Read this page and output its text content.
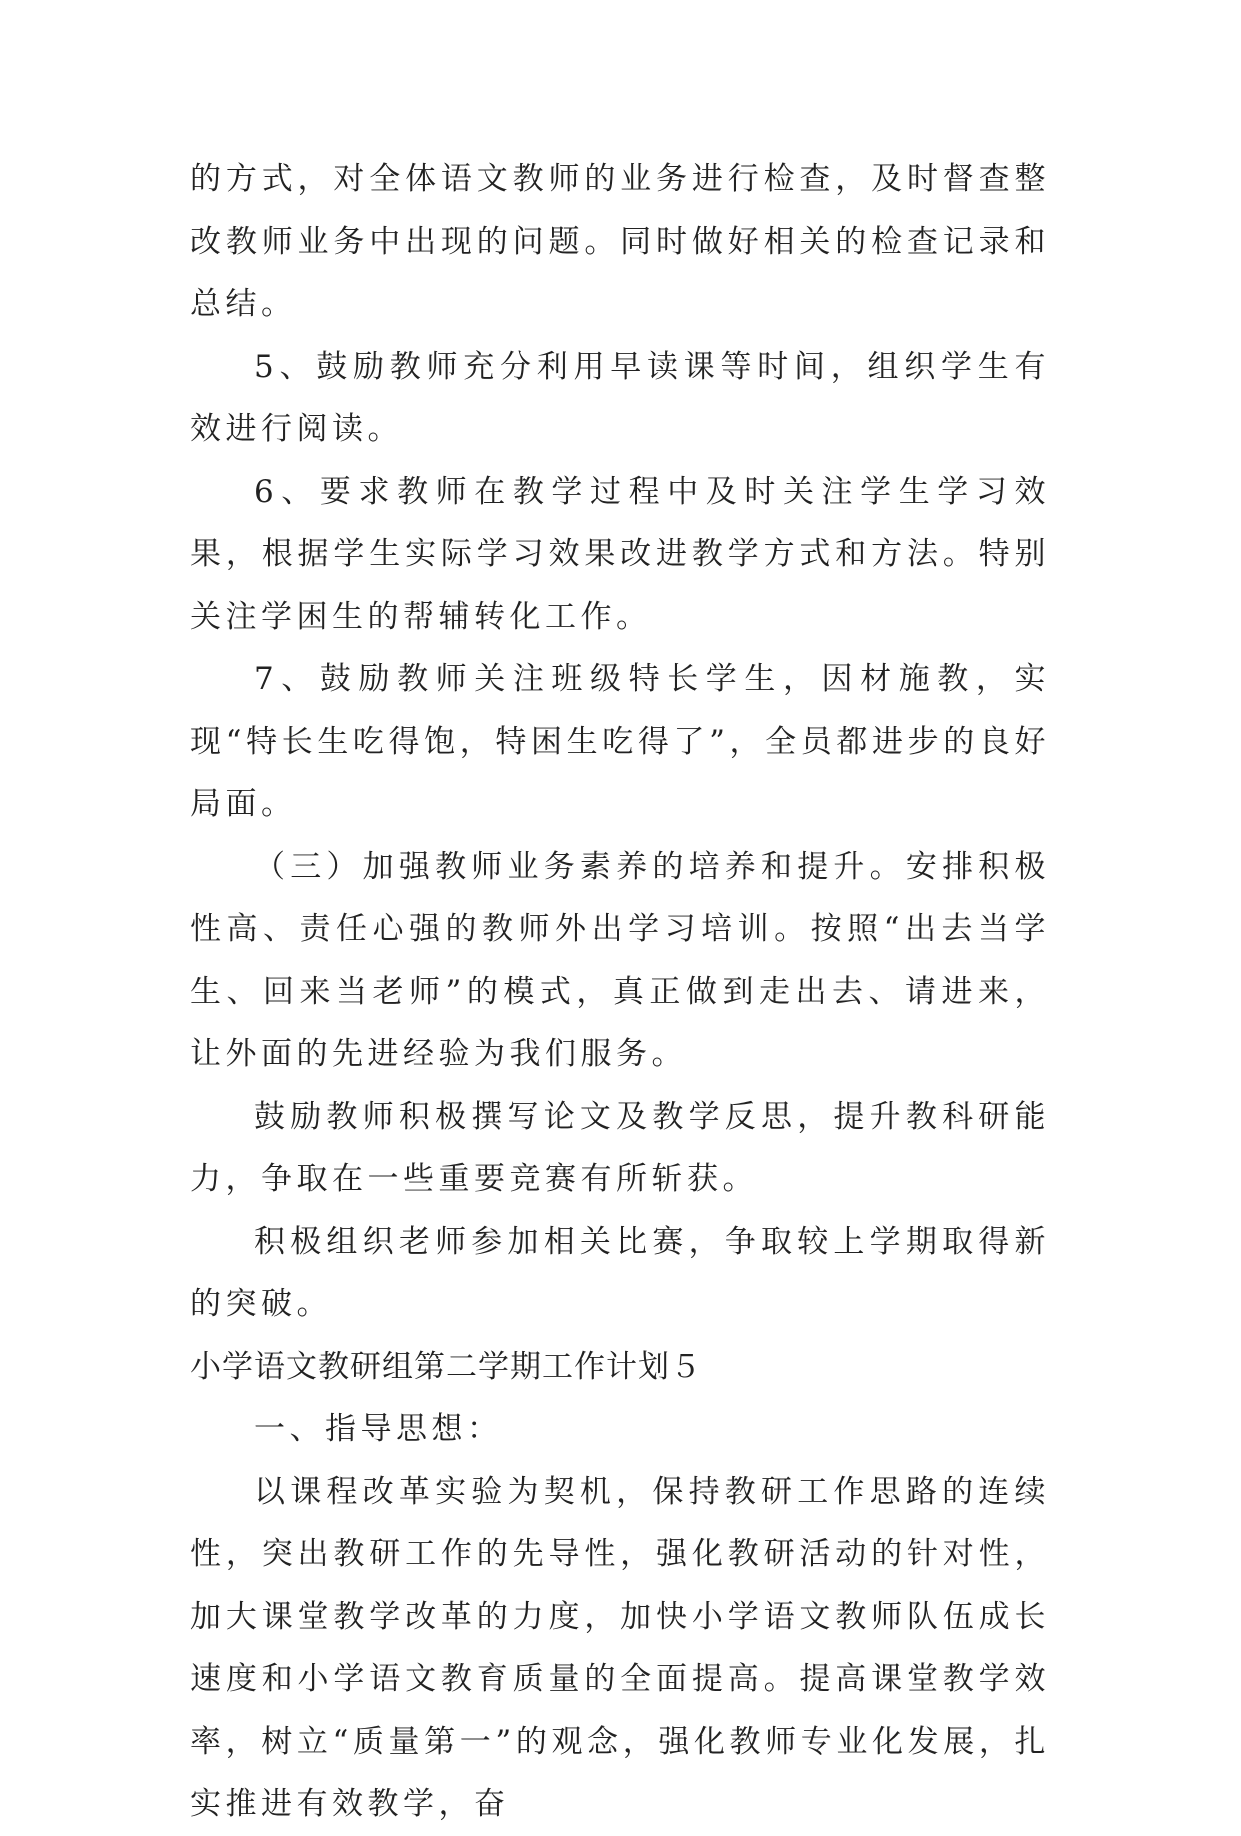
的方式，对全体语文教师的业务进行检查，及时督查整改教师业务中出现的问题。同时做好相关的检查记录和总结。

5、鼓励教师充分利用早读课等时间，组织学生有效进行阅读。

6、要求教师在教学过程中及时关注学生学习效果，根据学生实际学习效果改进教学方式和方法。特别关注学困生的帮辅转化工作。

7、鼓励教师关注班级特长学生，因材施教，实现“特长生吃得饱，特困生吃得了”，全员都进步的良好局面。

（三）加强教师业务素养的培养和提升。安排积极性高、责任心强的教师外出学习培训。按照“出去当学生、回来当老师”的模式，真正做到走出去、请进来，让外面的先进经验为我们服务。

鼓励教师积极撰写论文及教学反思，提升教科研能力，争取在一些重要竞赛有所斩获。

积极组织老师参加相关比赛，争取较上学期取得新的突破。

小学语文教研组第二学期工作计划５

一、指导思想：

以课程改革实验为契机，保持教研工作思路的连续性，突出教研工作的先导性，强化教研活动的针对性，加大课堂教学改革的力度，加快小学语文教师队伍成长速度和小学语文教育质量的全面提高。提高课堂教学效率，树立“质量第一”的观念，强化教师专业化发展，扎实推进有效教学，奋
